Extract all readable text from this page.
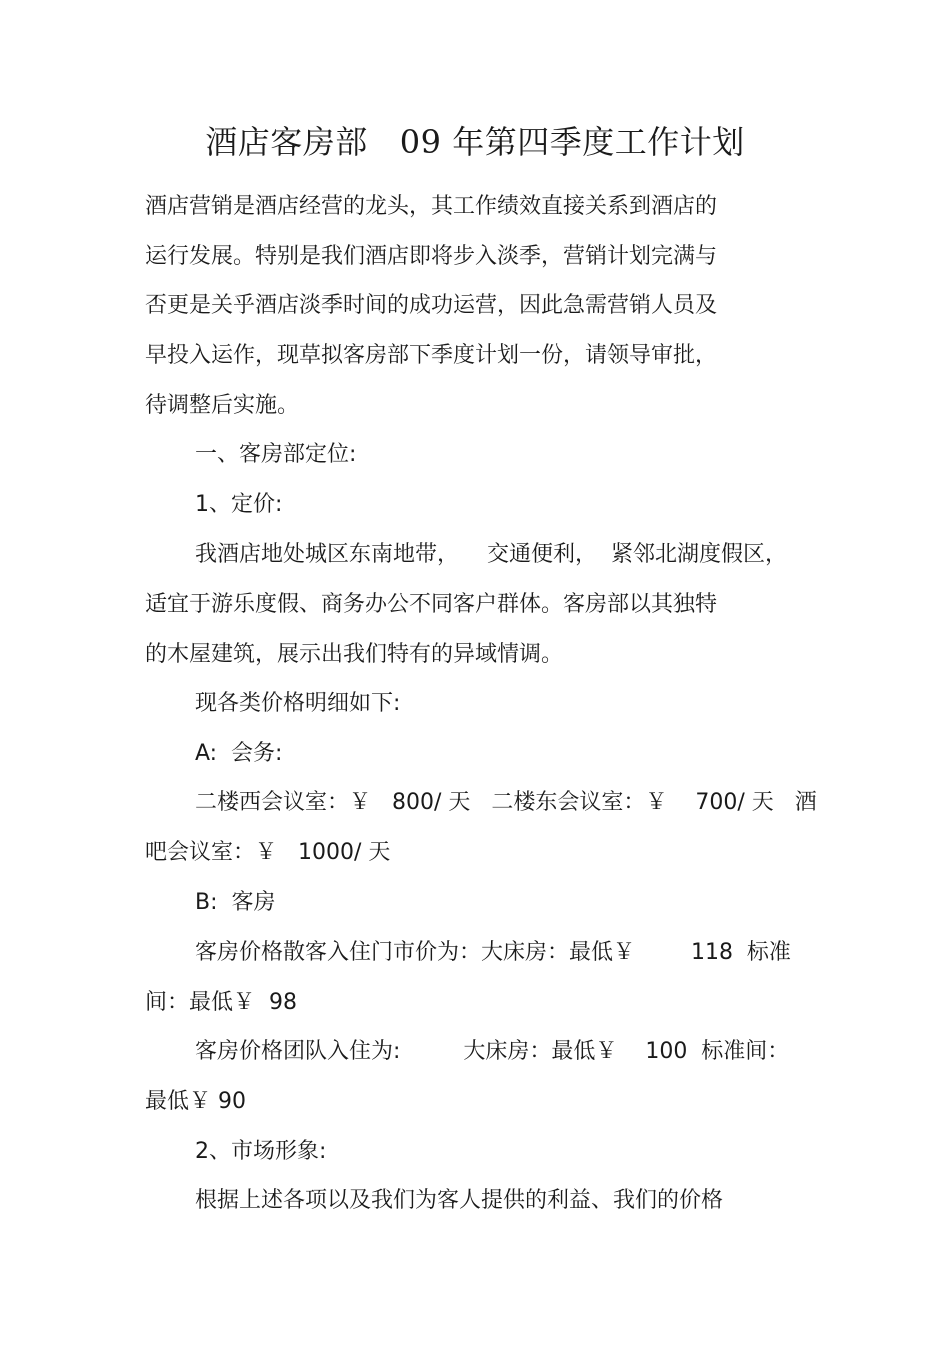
酒店客房部   09 年第四季度工作计划
酒店营销是酒店经营的龙头，其工作绩效直接关系到酒店的
运行发展。特别是我们酒店即将步入淡季，营销计划完满与
否更是关乎酒店淡季时间的成功运营，因此急需营销人员及
早投入运作，现草拟客房部下季度计划一份，请领导审批，
待调整后实施。
一、客房部定位:
1、定价:
我酒店地处城区东南地带，    交通便利，  紧邻北湖度假区，
适宜于游乐度假、商务办公不同客户群体。客房部以其独特
的木屋建筑，展示出我们特有的异域情调。
现各类价格明细如下:
A:  会务:
二楼西会议室：￥   800/ 天   二楼东会议室：￥    700/ 天   酒
吧会议室：￥   1000/ 天
B:  客房
客房价格散客入住门市价为：大床房：最低￥        118  标准
间：最低￥  98
客房价格团队入住为:         大床房：最低￥    100  标准间：
最低￥ 90
2、市场形象:
根据上述各项以及我们为客人提供的利益、我们的价格
